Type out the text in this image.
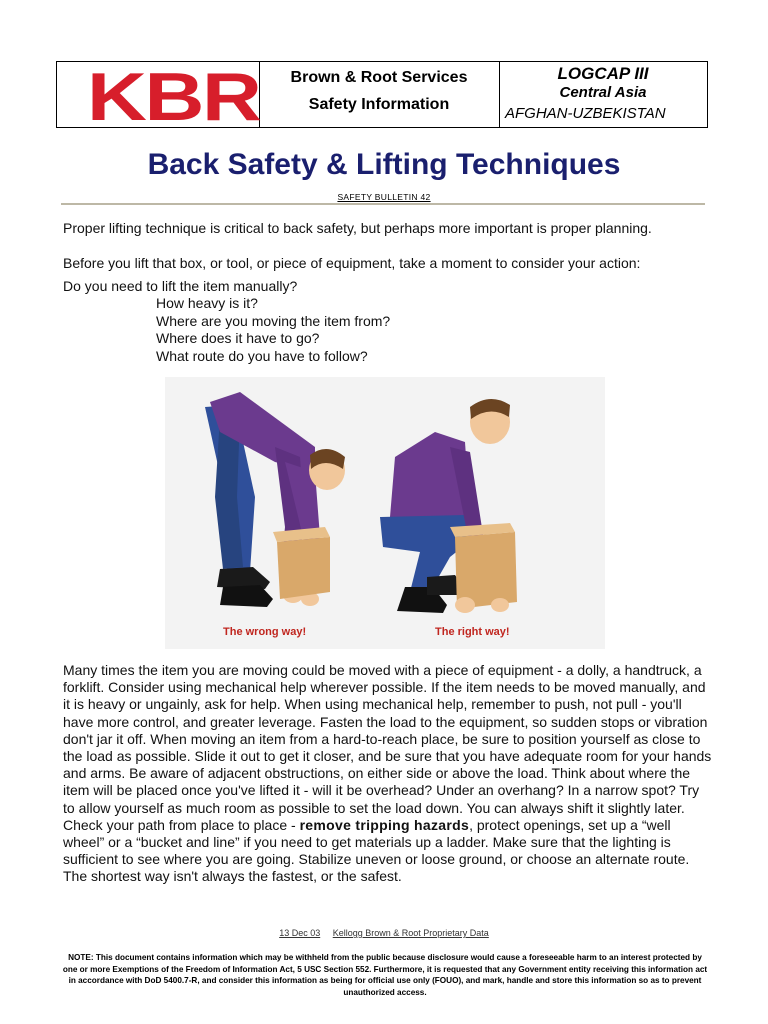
KBR	Brown & Root Services
Safety Information
LOGCAP III
Central Asia
AFGHAN-UZBEKISTAN
Back Safety & Lifting Techniques
SAFETY BULLETIN 42
Proper lifting technique is critical to back safety, but perhaps more important is proper planning.
Before you lift that box, or tool, or piece of equipment, take a moment to consider your action:
Do you need to lift the item manually?
How heavy is it?
Where are you moving the item from?
Where does it have to go?
What route do you have to follow?
The wrong way!	The right way!
Many times the item you are moving could be moved with a piece of equipment - a dolly, a handtruck, a forklift. Consider using mechanical help wherever possible. If the item needs to be moved manually, and it is heavy or ungainly, ask for help. When using mechanical help, remember to push, not pull - you'll have more control, and greater leverage. Fasten the load to the equipment, so sudden stops or vibration don't jar it off. When moving an item from a hard-to-reach place, be sure to position yourself as close to the load as possible. Slide it out to get it closer, and be sure that you have adequate room for your hands and arms. Be aware of adjacent obstructions, on either side or above the load. Think about where the item will be placed once you've lifted it - will it be overhead? Under an overhang? In a narrow spot? Try to allow yourself as much room as possible to set the load down. You can always shift it slightly later. Check your path from place to place - remove tripping hazards, protect openings, set up a “well wheel” or a “bucket and line” if you need to get materials up a ladder. Make sure that the lighting is sufficient to see where you are going. Stabilize uneven or loose ground, or choose an alternate route. The shortest way isn't always the fastest, or the safest.
13 Dec 03 Kellogg Brown & Root Proprietary Data
NOTE: This document contains information which may be withheld from the public because disclosure would cause a foreseeable harm to an interest protected by one or more Exemptions of the Freedom of Information Act, 5 USC Section 552. Furthermore, it is requested that any Government entity receiving this information act in accordance with DoD 5400.7-R, and consider this information as being for official use only (FOUO), and mark, handle and store this information so as to prevent unauthorized access.
